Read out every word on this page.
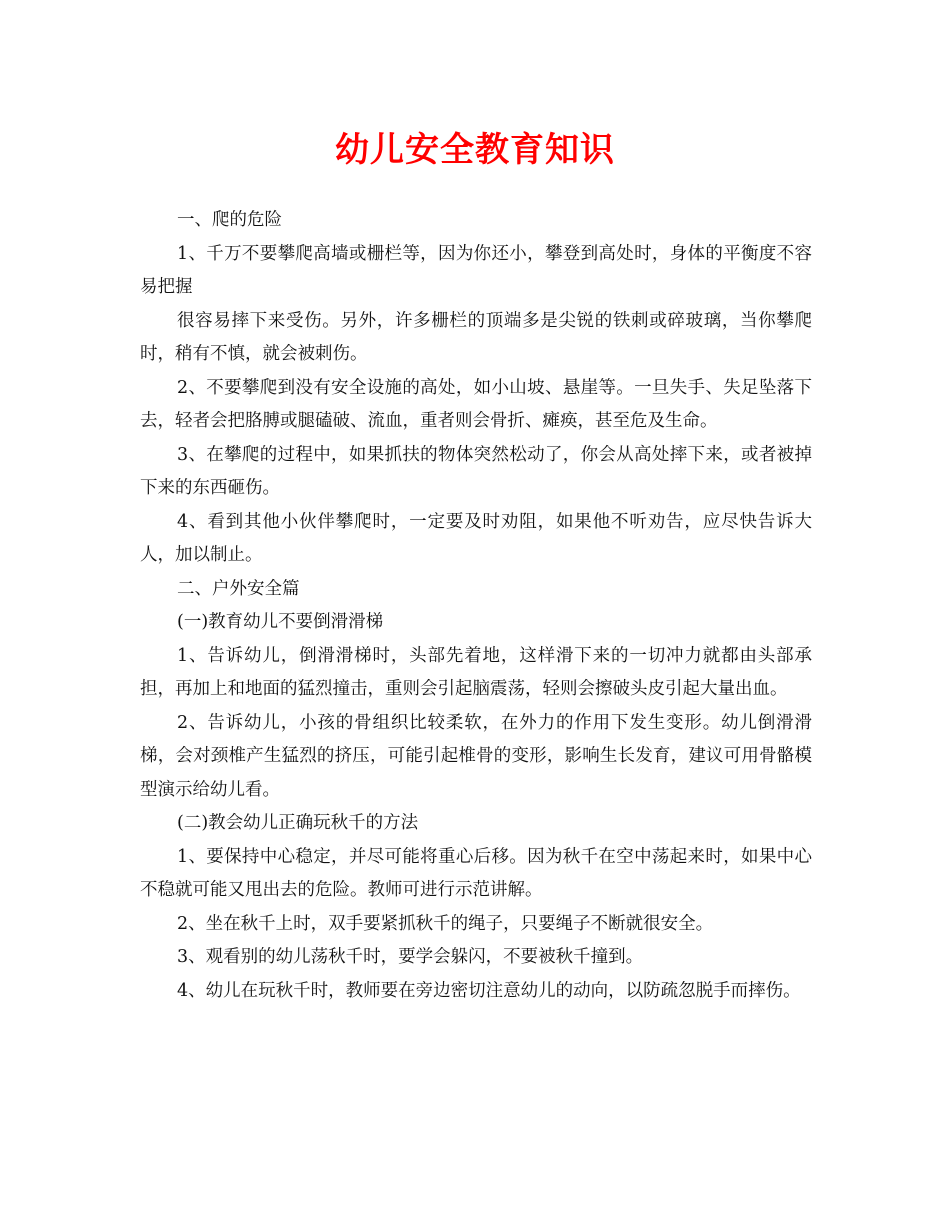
幼儿安全教育知识

一、爬的危险

1、千万不要攀爬高墙或栅栏等，因为你还小，攀登到高处时，身体的平衡度不容易把握

很容易摔下来受伤。另外，许多栅栏的顶端多是尖锐的铁刺或碎玻璃，当你攀爬时，稍有不慎，就会被刺伤。

2、不要攀爬到没有安全设施的高处，如小山坡、悬崖等。一旦失手、失足坠落下去，轻者会把胳膊或腿磕破、流血，重者则会骨折、瘫痪，甚至危及生命。

3、在攀爬的过程中，如果抓扶的物体突然松动了，你会从高处摔下来，或者被掉下来的东西砸伤。

4、看到其他小伙伴攀爬时，一定要及时劝阻，如果他不听劝告，应尽快告诉大人，加以制止。

二、户外安全篇

(一)教育幼儿不要倒滑滑梯

1、告诉幼儿，倒滑滑梯时，头部先着地，这样滑下来的一切冲力就都由头部承担，再加上和地面的猛烈撞击，重则会引起脑震荡，轻则会擦破头皮引起大量出血。

2、告诉幼儿，小孩的骨组织比较柔软，在外力的作用下发生变形。幼儿倒滑滑梯，会对颈椎产生猛烈的挤压，可能引起椎骨的变形，影响生长发育，建议可用骨骼模型演示给幼儿看。

(二)教会幼儿正确玩秋千的方法

1、要保持中心稳定，并尽可能将重心后移。因为秋千在空中荡起来时，如果中心不稳就可能又甩出去的危险。教师可进行示范讲解。

2、坐在秋千上时，双手要紧抓秋千的绳子，只要绳子不断就很安全。

3、观看别的幼儿荡秋千时，要学会躲闪，不要被秋千撞到。

4、幼儿在玩秋千时，教师要在旁边密切注意幼儿的动向，以防疏忽脱手而摔伤。
